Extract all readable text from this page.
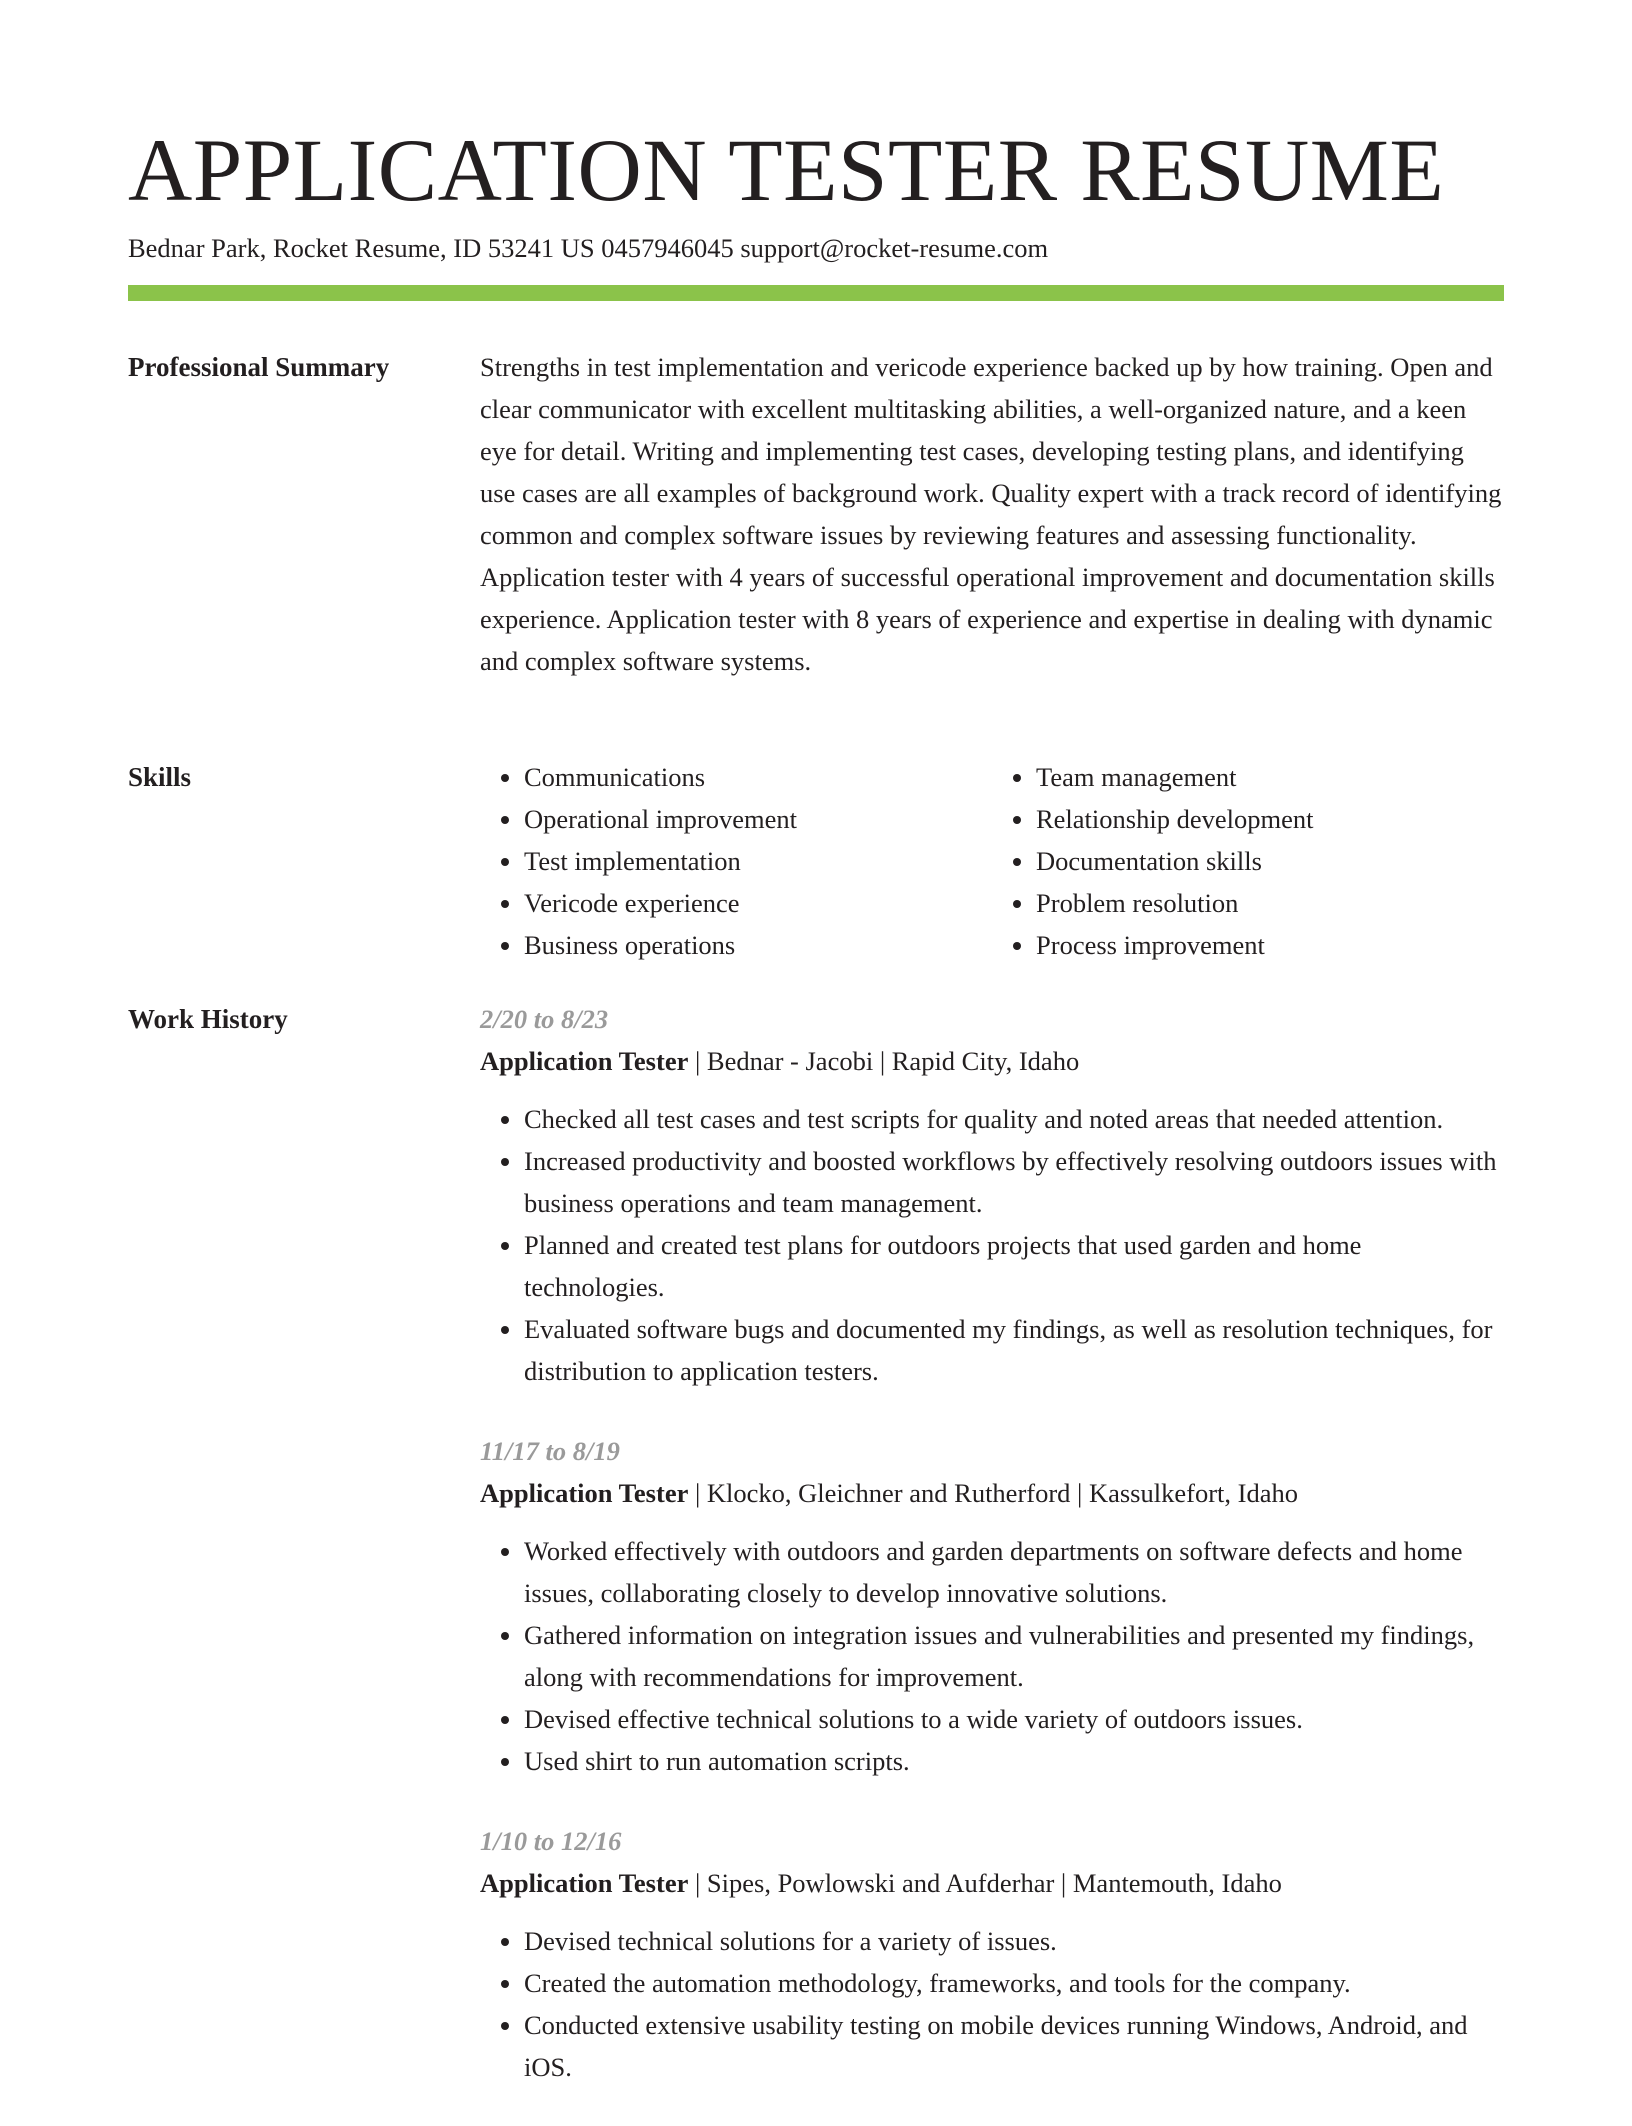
APPLICATION TESTER RESUME
Bednar Park, Rocket Resume, ID 53241 US 0457946045 support@rocket-resume.com
Professional Summary	Strengths in test implementation and vericode experience backed up by how training. Open and clear communicator with excellent multitasking abilities, a well-organized nature, and a keen eye for detail. Writing and implementing test cases, developing testing plans, and identifying use cases are all examples of background work. Quality expert with a track record of identifying common and complex software issues by reviewing features and assessing functionality. Application tester with 4 years of successful operational improvement and documentation skills experience. Application tester with 8 years of experience and expertise in dealing with dynamic and complex software systems.

Skills
•	Communications
• Operational improvement
• Test implementation
• Vericode experience
• Business operations
• Team management
• Relationship development
• Documentation skills
• Problem resolution
• Process improvement
Work History	2/20 to 8/23

Application Tester | Bednar - Jacobi | Rapid City, Idaho

• Checked all test cases and test scripts for quality and noted areas that needed attention.
• Increased productivity and boosted workflows by effectively resolving outdoors issues with business operations and team management.
• Planned and created test plans for outdoors projects that used garden and home technologies.
• Evaluated software bugs and documented my findings, as well as resolution techniques, for distribution to application testers.

11/17 to 8/19

Application Tester | Klocko, Gleichner and Rutherford | Kassulkefort, Idaho

• Worked effectively with outdoors and garden departments on software defects and home issues, collaborating closely to develop innovative solutions.
• Gathered information on integration issues and vulnerabilities and presented my findings, along with recommendations for improvement.
• Devised effective technical solutions to a wide variety of outdoors issues.
• Used shirt to run automation scripts.

1/10 to 12/16

Application Tester | Sipes, Powlowski and Aufderhar | Mantemouth, Idaho

• Devised technical solutions for a variety of issues.
• Created the automation methodology, frameworks, and tools for the company.
• Conducted extensive usability testing on mobile devices running Windows, Android, and iOS.
